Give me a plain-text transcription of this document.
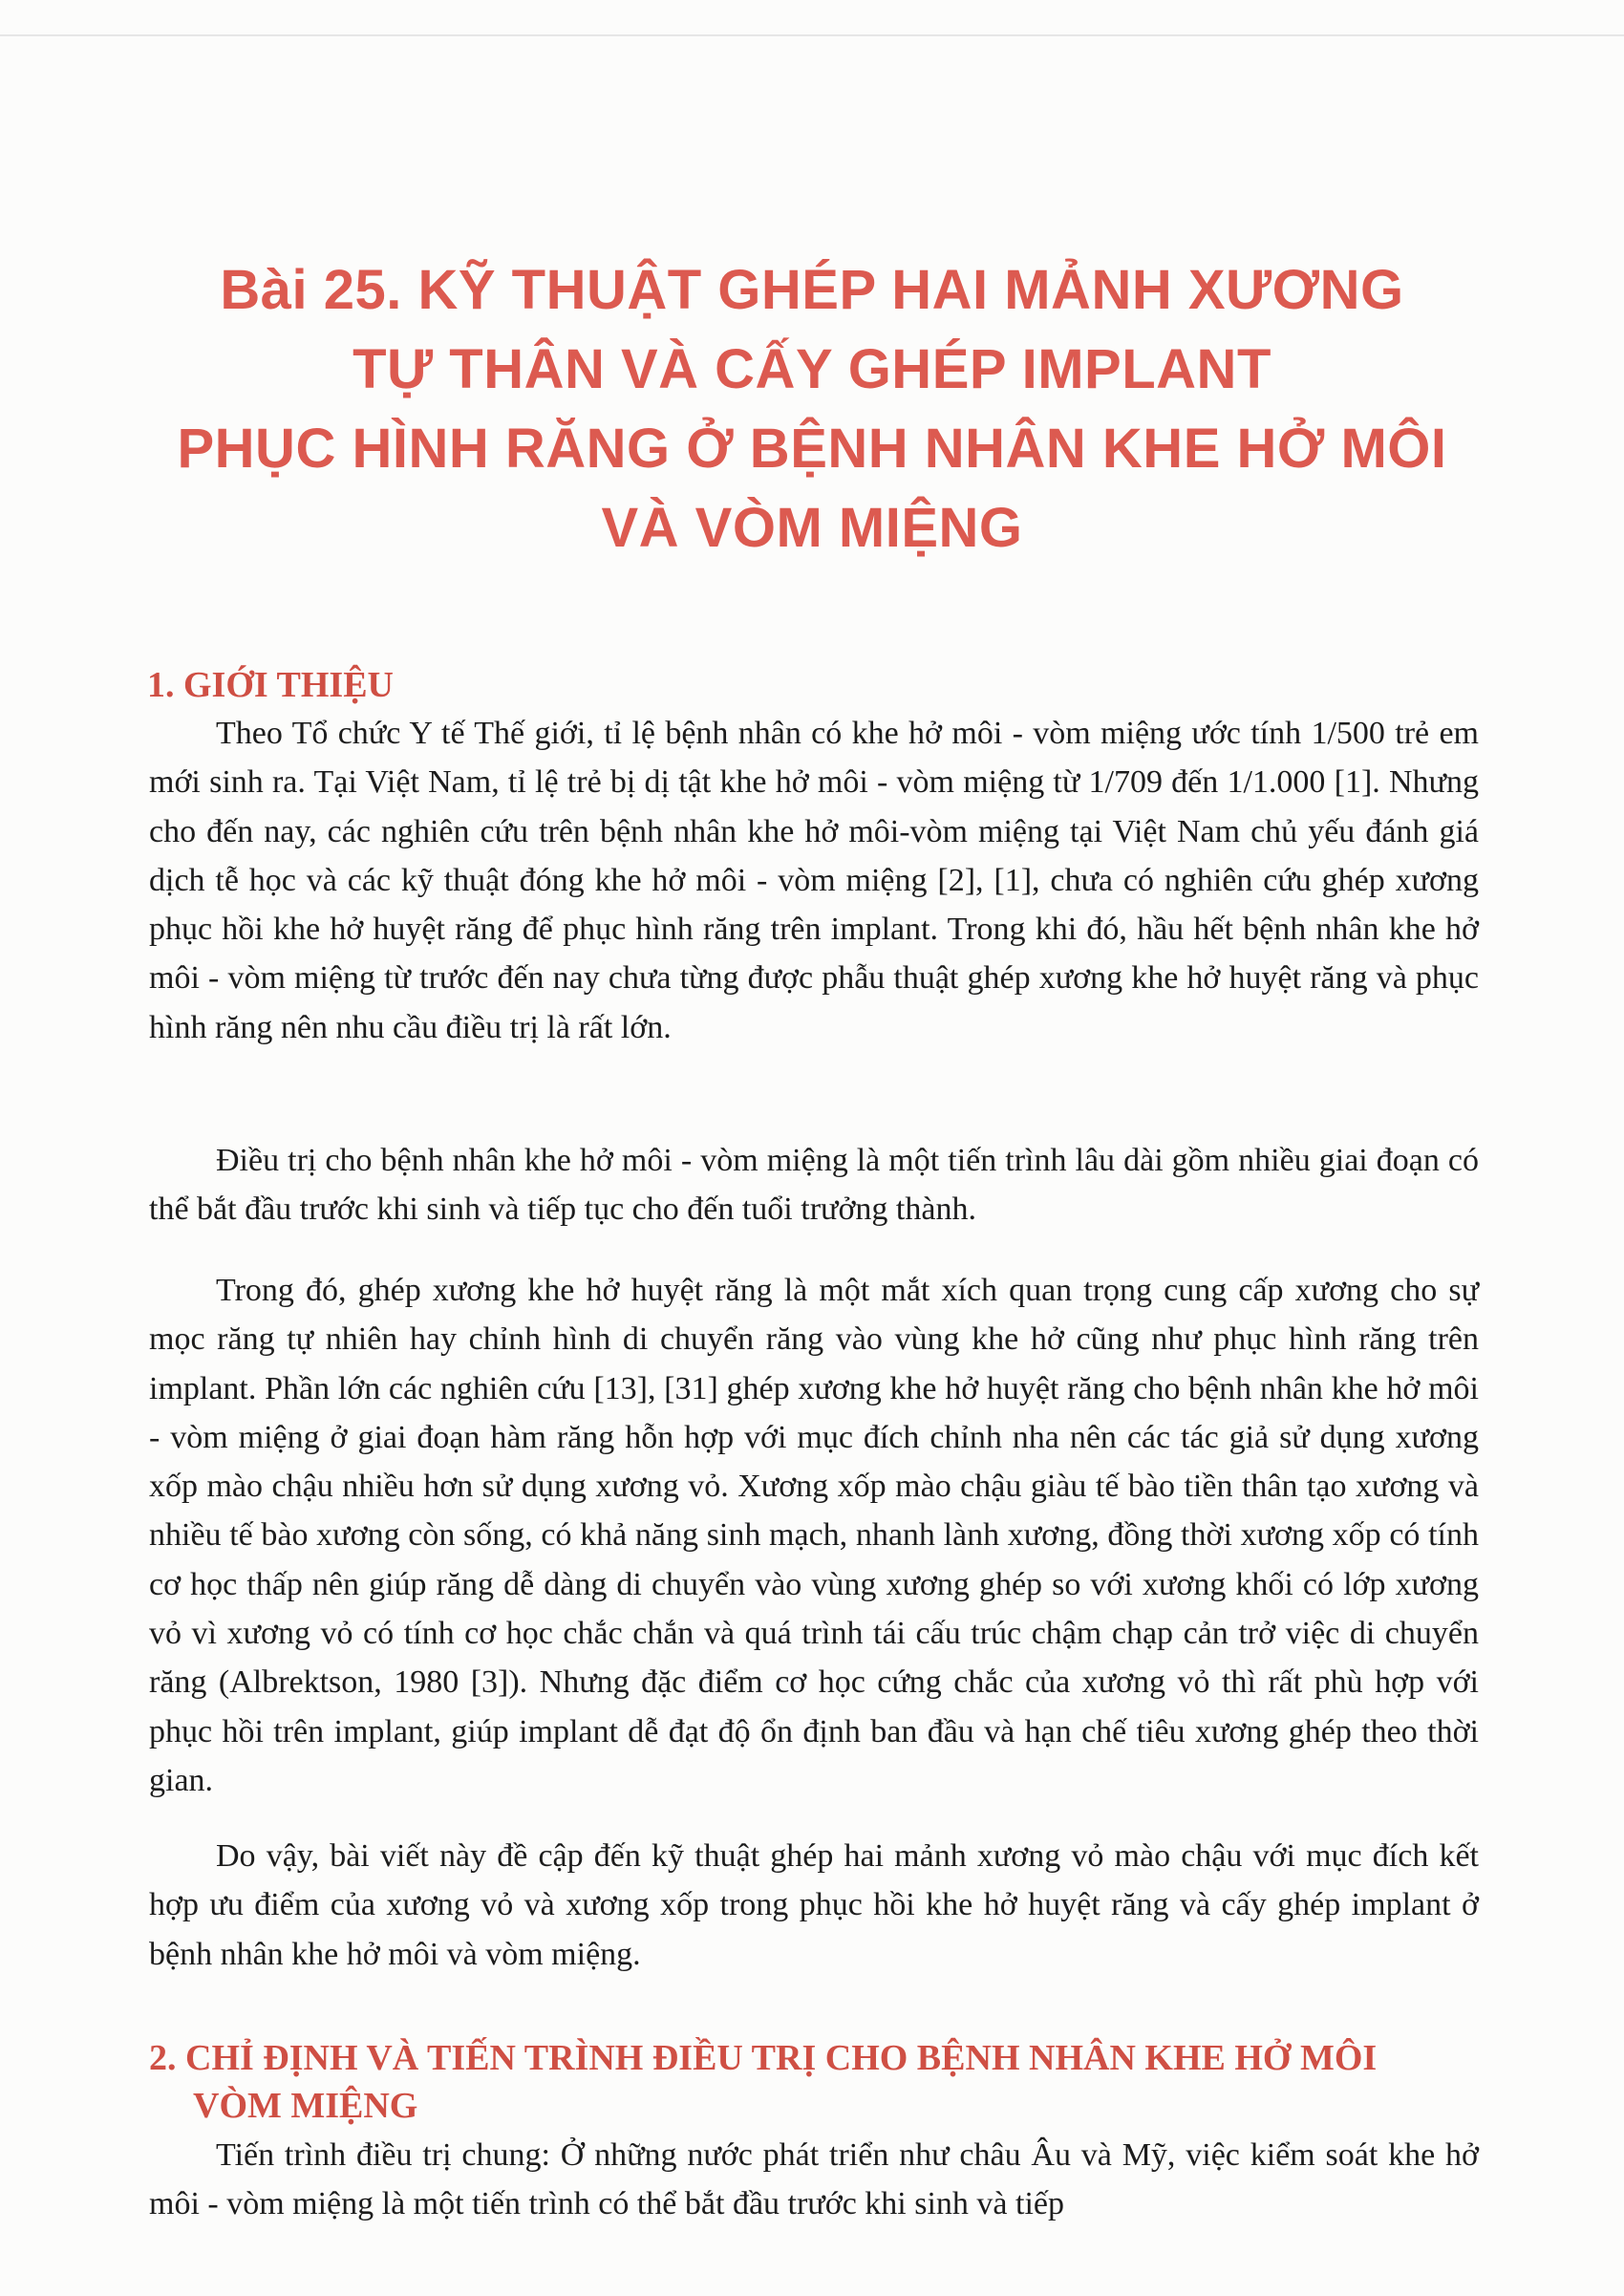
Bài 25. KỸ THUẬT GHÉP HAI MẢNH XƯƠNG
TỰ THÂN VÀ CẤY GHÉP IMPLANT
PHỤC HÌNH RĂNG Ở BỆNH NHÂN KHE HỞ MÔI
VÀ VÒM MIỆNG
1. GIỚI THIỆU

Theo Tổ chức Y tế Thế giới, tỉ lệ bệnh nhân có khe hở môi - vòm miệng ước tính 1/500 trẻ em mới sinh ra. Tại Việt Nam, tỉ lệ trẻ bị dị tật khe hở môi - vòm miệng từ 1/709 đến 1/1.000 [1]. Nhưng cho đến nay, các nghiên cứu trên bệnh nhân khe hở môi-vòm miệng tại Việt Nam chủ yếu đánh giá dịch tễ học và các kỹ thuật đóng khe hở môi - vòm miệng [2], [1], chưa có nghiên cứu ghép xương phục hồi khe hở huyệt răng để phục hình răng trên implant. Trong khi đó, hầu hết bệnh nhân khe hở môi - vòm miệng từ trước đến nay chưa từng được phẫu thuật ghép xương khe hở huyệt răng và phục hình răng nên nhu cầu điều trị là rất lớn.

Điều trị cho bệnh nhân khe hở môi - vòm miệng là một tiến trình lâu dài gồm nhiều giai đoạn có thể bắt đầu trước khi sinh và tiếp tục cho đến tuổi trưởng thành.

Trong đó, ghép xương khe hở huyệt răng là một mắt xích quan trọng cung cấp xương cho sự mọc răng tự nhiên hay chỉnh hình di chuyển răng vào vùng khe hở cũng như phục hình răng trên implant. Phần lớn các nghiên cứu [13], [31] ghép xương khe hở huyệt răng cho bệnh nhân khe hở môi - vòm miệng ở giai đoạn hàm răng hỗn hợp với mục đích chỉnh nha nên các tác giả sử dụng xương xốp mào chậu nhiều hơn sử dụng xương vỏ. Xương xốp mào chậu giàu tế bào tiền thân tạo xương và nhiều tế bào xương còn sống, có khả năng sinh mạch, nhanh lành xương, đồng thời xương xốp có tính cơ học thấp nên giúp răng dễ dàng di chuyển vào vùng xương ghép so với xương khối có lớp xương vỏ vì xương vỏ có tính cơ học chắc chắn và quá trình tái cấu trúc chậm chạp cản trở việc di chuyển răng (Albrektson, 1980 [3]). Nhưng đặc điểm cơ học cứng chắc của xương vỏ thì rất phù hợp với phục hồi trên implant, giúp implant dễ đạt độ ổn định ban đầu và hạn chế tiêu xương ghép theo thời gian.

Do vậy, bài viết này đề cập đến kỹ thuật ghép hai mảnh xương vỏ mào chậu với mục đích kết hợp ưu điểm của xương vỏ và xương xốp trong phục hồi khe hở huyệt răng và cấy ghép implant ở bệnh nhân khe hở môi và vòm miệng.

2. CHỈ ĐỊNH VÀ TIẾN TRÌNH ĐIỀU TRỊ CHO BỆNH NHÂN KHE HỞ MÔI
VÒM MIỆNG

Tiến trình điều trị chung: Ở những nước phát triển như châu Âu và Mỹ, việc kiểm soát khe hở môi - vòm miệng là một tiến trình có thể bắt đầu trước khi sinh và tiếp
